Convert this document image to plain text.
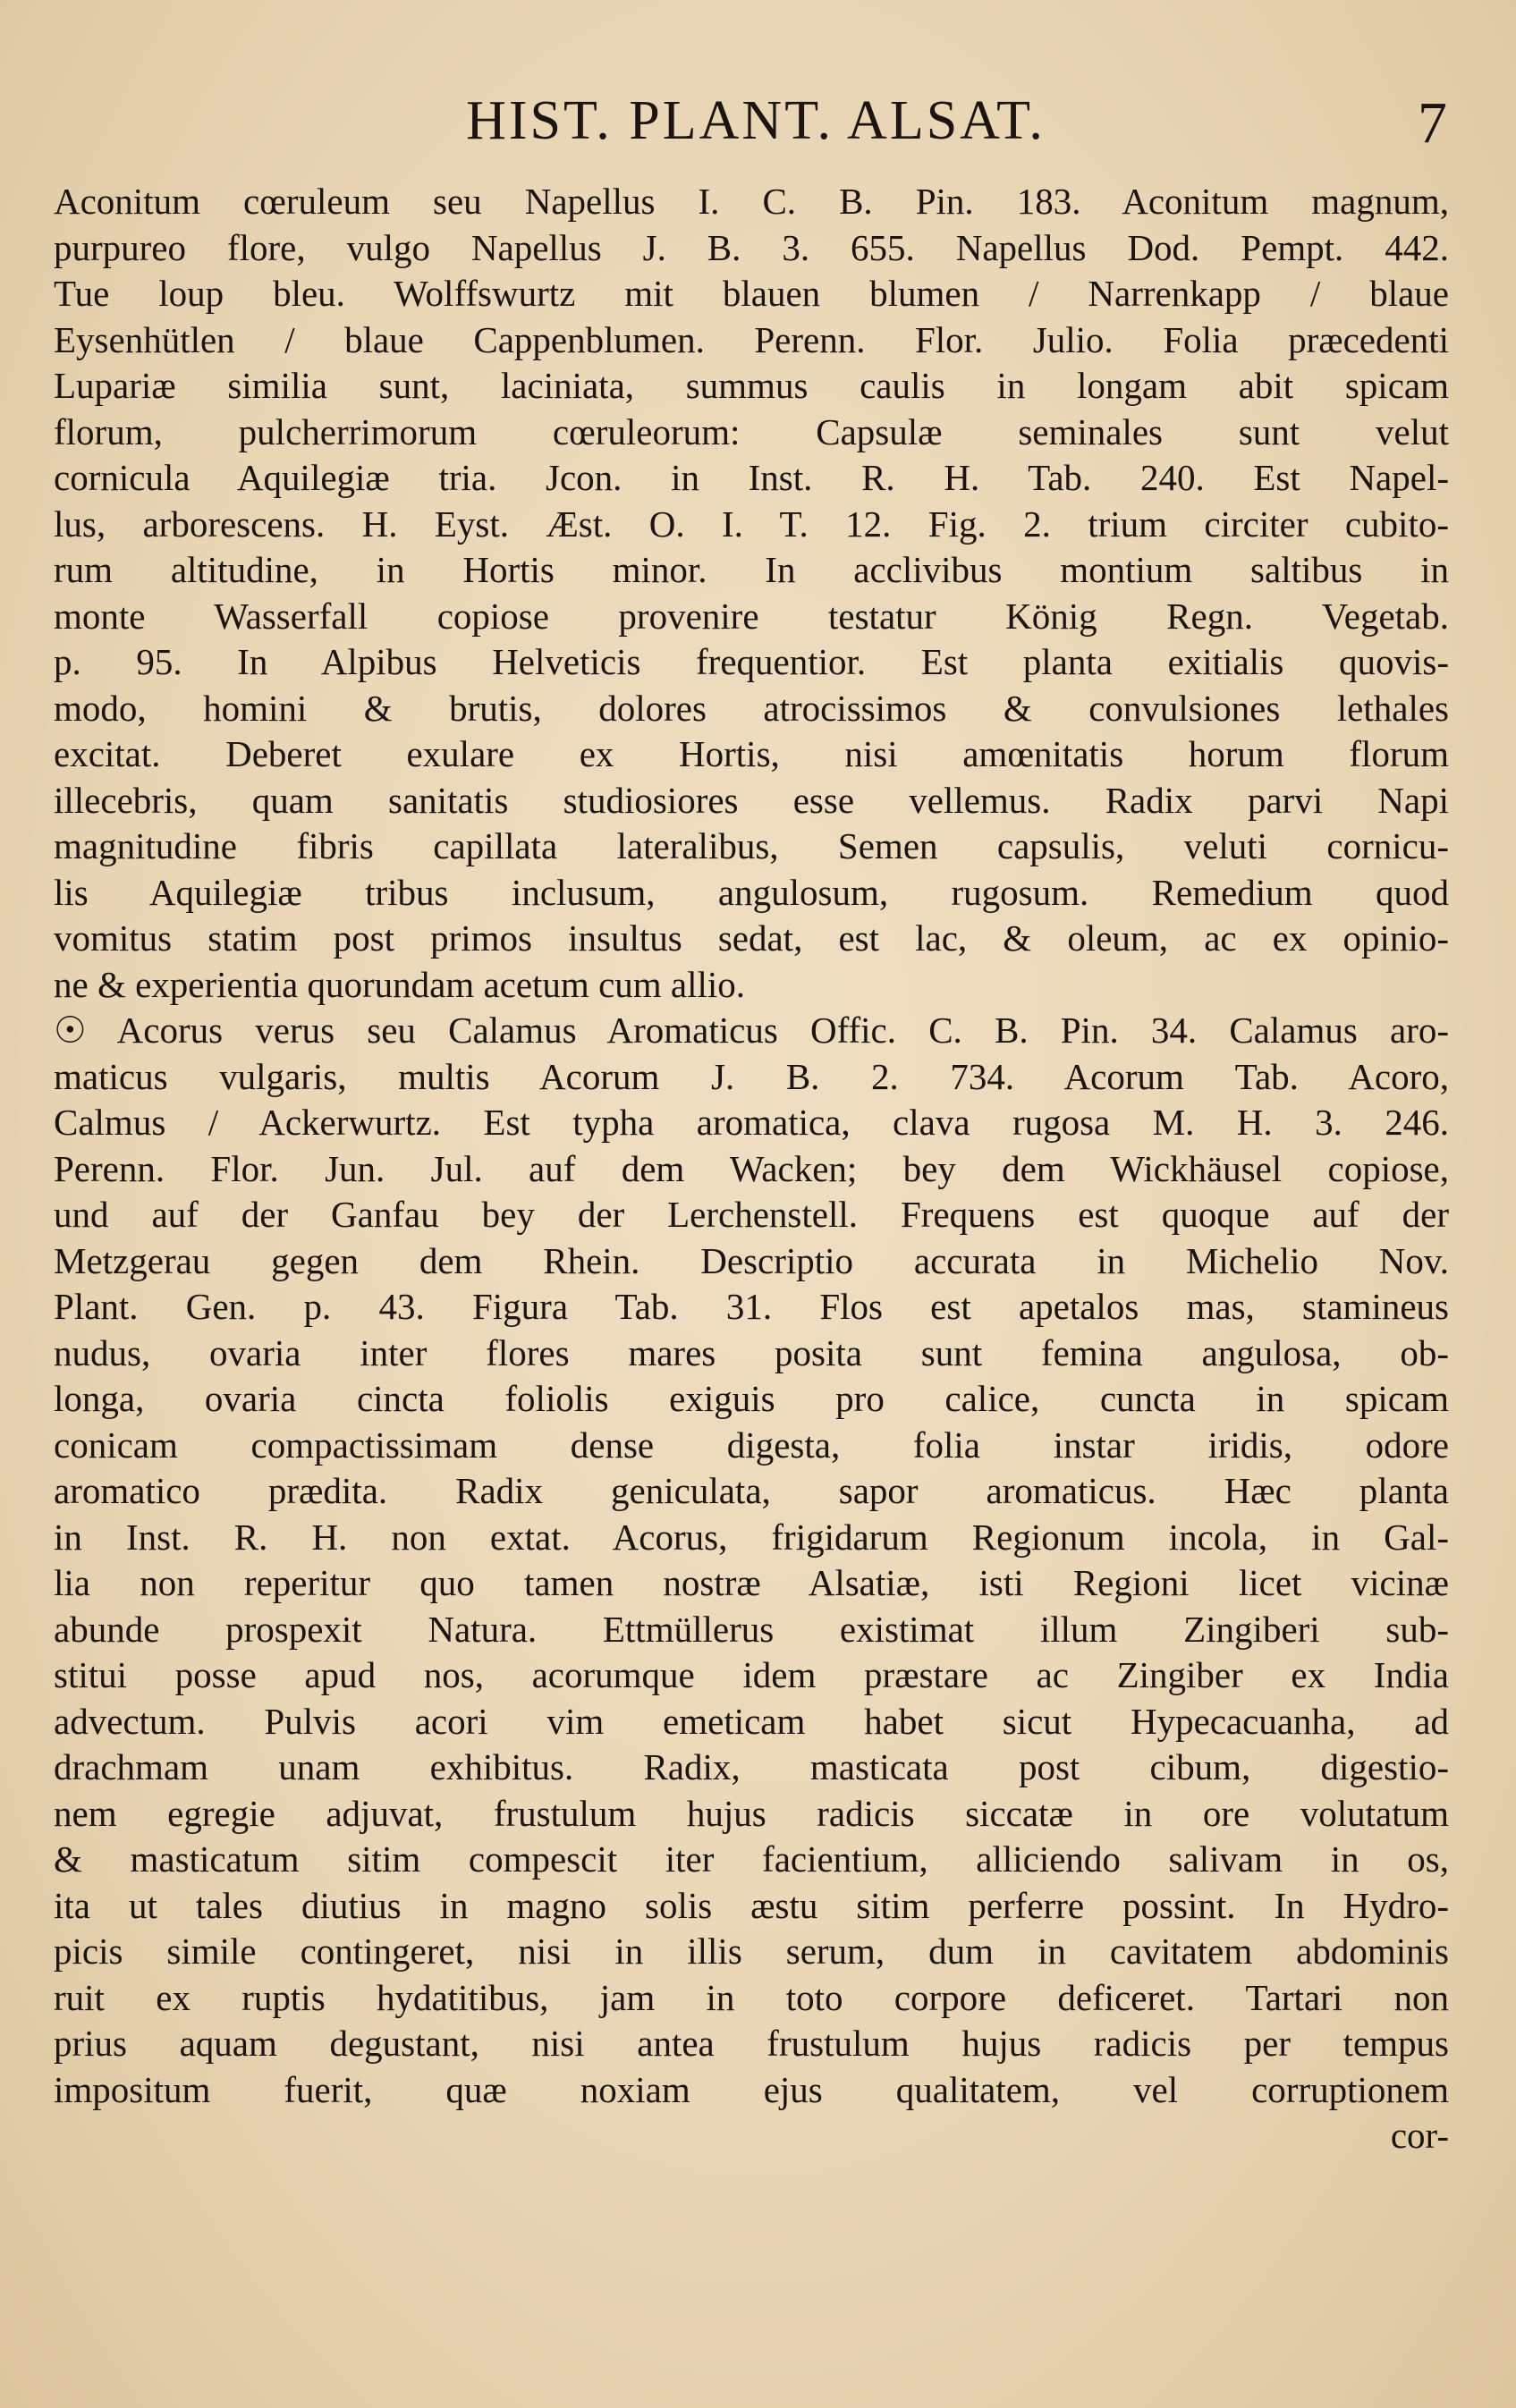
HIST. PLANT. ALSAT.	7
Aconitum cœruleum seu Napellus I. C. B. Pin. 183. Aconitum magnum,
purpureo flore, vulgo Napellus J. B. 3. 655. Napellus Dod. Pempt. 442.
Tue loup bleu. Wolffswurtz mit blauen blumen / Narrenkapp / blaue
Eysenhütlen / blaue Cappenblumen. Perenn. Flor. Julio. Folia præcedenti
Lupariæ similia sunt, laciniata, summus caulis in longam abit spicam
florum, pulcherrimorum cœruleorum: Capsulæ seminales sunt velut
cornicula Aquilegiæ tria. Jcon. in Inst. R. H. Tab. 240. Est Napel-
lus, arborescens. H. Eyst. Æst. O. I. T. 12. Fig. 2. trium circiter cubito-
rum altitudine, in Hortis minor. In acclivibus montium saltibus in
monte Wasserfall copiose provenire testatur König Regn. Vegetab.
p. 95. In Alpibus Helveticis frequentior. Est planta exitialis quovis-
modo, homini & brutis, dolores atrocissimos & convulsiones lethales
excitat. Deberet exulare ex Hortis, nisi amœnitatis horum florum
illecebris, quam sanitatis studiosiores esse vellemus. Radix parvi Napi
magnitudine fibris capillata lateralibus, Semen capsulis, veluti cornicu-
lis Aquilegiæ tribus inclusum, angulosum, rugosum. Remedium quod
vomitus statim post primos insultus sedat, est lac, & oleum, ac ex opinio-
ne & experientia quorundam acetum cum allio.
☉ Acorus verus seu Calamus Aromaticus Offic. C. B. Pin. 34. Calamus aro-
maticus vulgaris, multis Acorum J. B. 2. 734. Acorum Tab. Acoro,
Calmus / Ackerwurtz. Est typha aromatica, clava rugosa M. H. 3. 246.
Perenn. Flor. Jun. Jul. auf dem Wacken; bey dem Wickhäusel copiose,
und auf der Ganfau bey der Lerchenstell. Frequens est quoque auf der
Metzgerau gegen dem Rhein. Descriptio accurata in Michelio Nov.
Plant. Gen. p. 43. Figura Tab. 31. Flos est apetalos mas, stamineus
nudus, ovaria inter flores mares posita sunt femina angulosa, ob-
longa, ovaria cincta foliolis exiguis pro calice, cuncta in spicam
conicam compactissimam dense digesta, folia instar iridis, odore
aromatico prædita. Radix geniculata, sapor aromaticus. Hæc planta
in Inst. R. H. non extat. Acorus, frigidarum Regionum incola, in Gal-
lia non reperitur quo tamen nostræ Alsatiæ, isti Regioni licet vicinæ
abunde prospexit Natura. Ettmüllerus existimat illum Zingiberi sub-
stitui posse apud nos, acorumque idem præstare ac Zingiber ex India
advectum. Pulvis acori vim emeticam habet sicut Hypecacuanha, ad
drachmam unam exhibitus. Radix, masticata post cibum, digestio-
nem egregie adjuvat, frustulum hujus radicis siccatæ in ore volutatum
& masticatum sitim compescit iter facientium, alliciendo salivam in os,
ita ut tales diutius in magno solis æstu sitim perferre possint. In Hydro-
picis simile contingeret, nisi in illis serum, dum in cavitatem abdominis
ruit ex ruptis hydatitibus, jam in toto corpore deficeret. Tartari non
prius aquam degustant, nisi antea frustulum hujus radicis per tempus
impositum fuerit, quæ noxiam ejus qualitatem, vel corruptionem
cor-
